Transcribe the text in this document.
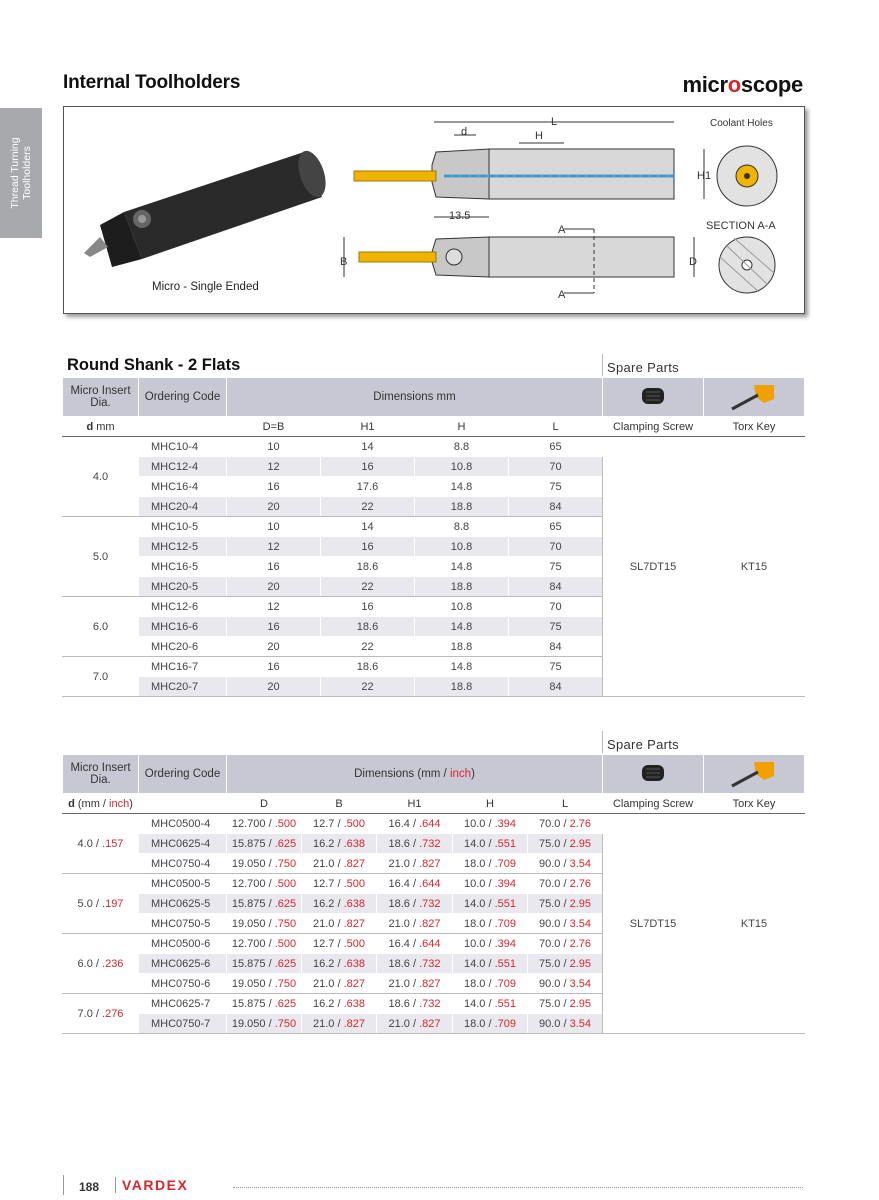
Thread Turning Toolholders
Internal Toolholders	microscope
Micro - Single Ended
L
d	H
H1
13.5
B	D
A
A
Coolant Holes
SECTION A-A
Round Shank - 2 Flats	Spare Parts
Micro Insert Dia.	Ordering Code	Dimensions mm		
d mm		D=B	H1	H	L	Clamping Screw	Torx Key
4.0	MHC10-4	10	14	8.8	65	SL7DT15	KT15
	MHC12-4	12	16	10.8	70		
	MHC16-4	16	17.6	14.8	75		
	MHC20-4	20	22	18.8	84		
5.0	MHC10-5	10	14	8.8	65		
	MHC12-5	12	16	10.8	70		
	MHC16-5	16	18.6	14.8	75		
	MHC20-5	20	22	18.8	84		
6.0	MHC12-6	12	16	10.8	70		
	MHC16-6	16	18.6	14.8	75		
	MHC20-6	20	22	18.8	84		
7.0	MHC16-7	16	18.6	14.8	75		
	MHC20-7	20	22	18.8	84		
Spare Parts
Micro Insert Dia.	Ordering Code	Dimensions (mm / inch)		
d (mm / inch)		D	B	H1	H	L	Clamping Screw	Torx Key
4.0 / .157	MHC0500-4	12.700 / .500	12.7 / .500	16.4 / .644	10.0 / .394	70.0 / 2.76	SL7DT15	KT15
	MHC0625-4	15.875 / .625	16.2 / .638	18.6 / .732	14.0 / .551	75.0 / 2.95		
	MHC0750-4	19.050 / .750	21.0 / .827	21.0 / .827	18.0 / .709	90.0 / 3.54		
5.0 / .197	MHC0500-5	12.700 / .500	12.7 / .500	16.4 / .644	10.0 / .394	70.0 / 2.76		
	MHC0625-5	15.875 / .625	16.2 / .638	18.6 / .732	14.0 / .551	75.0 / 2.95		
	MHC0750-5	19.050 / .750	21.0 / .827	21.0 / .827	18.0 / .709	90.0 / 3.54		
6.0 / .236	MHC0500-6	12.700 / .500	12.7 / .500	16.4 / .644	10.0 / .394	70.0 / 2.76		
	MHC0625-6	15.875 / .625	16.2 / .638	18.6 / .732	14.0 / .551	75.0 / 2.95		
	MHC0750-6	19.050 / .750	21.0 / .827	21.0 / .827	18.0 / .709	90.0 / 3.54		
7.0 / .276	MHC0625-7	15.875 / .625	16.2 / .638	18.6 / .732	14.0 / .551	75.0 / 2.95		
	MHC0750-7	19.050 / .750	21.0 / .827	21.0 / .827	18.0 / .709	90.0 / 3.54		
188 VARDEX
